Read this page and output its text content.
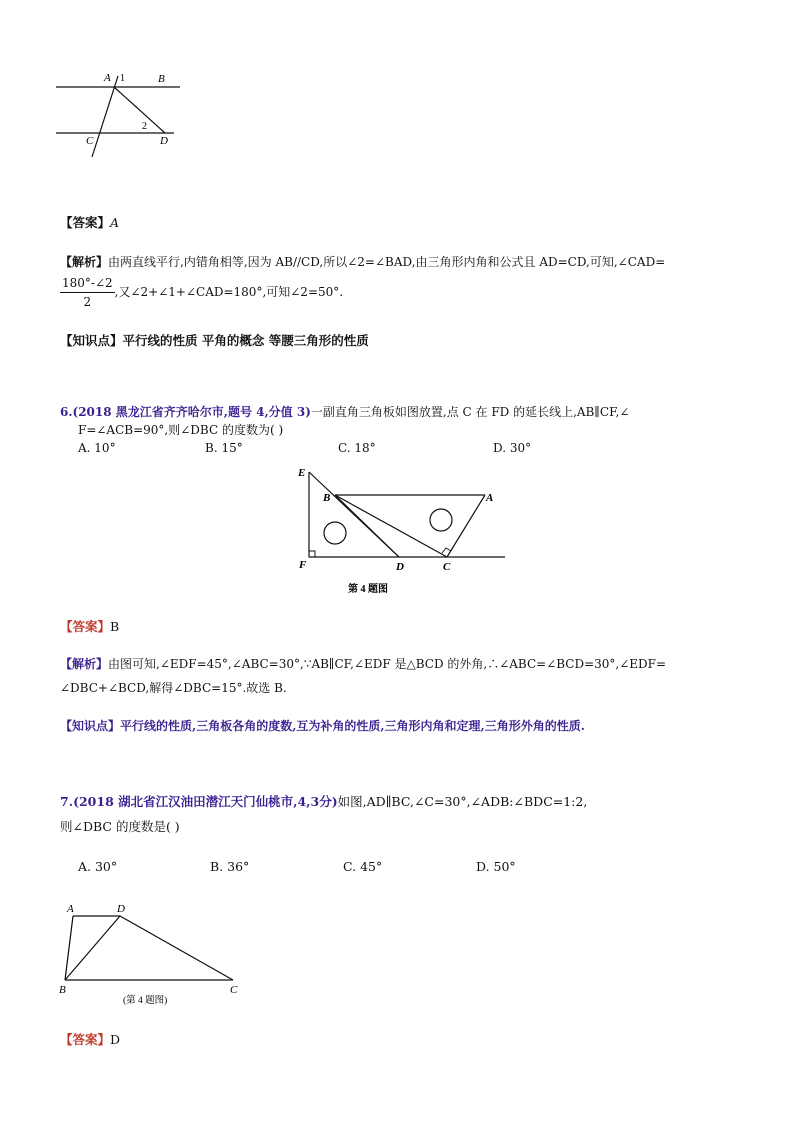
A 1	B
C
2
D
【答案】A
【解析】由两直线平行,内错角相等,因为 AB//CD,所以∠2=∠BAD,由三角形内角和公式且 AD=CD,可知,∠CAD=
$\frac{180^\circ-\angle 2}{2}$ ,又∠2+∠1+∠CAD=180°,可知∠2=50°.
【知识点】平行线的性质 平角的概念 等腰三角形的性质
6.(2018 黑龙江省齐齐哈尔市,题号 4,分值 3)一副直角三角板如图放置,点 C 在 FD 的延长线上,AB∥CF,∠
F=∠ACB=90°,则∠DBC 的度数为( )
A. 10°	B. 15°	C. 18°	D. 30°
E
B	A
F	D	C
第 4 题图
【答案】B
【解析】由图可知,∠EDF=45°,∠ABC=30°,∵AB∥CF,∠EDF 是△BCD 的外角,∴∠ABC=∠BCD=30°,∠EDF=
∠DBC+∠BCD,解得∠DBC=15°.故选 B.
【知识点】平行线的性质,三角板各角的度数,互为补角的性质,三角形内角和定理,三角形外角的性质.
7.(2018 湖北省江汉油田潜江天门仙桃市,4,3分)如图,AD∥BC,∠C=30°,∠ADB:∠BDC=1:2,
则∠DBC 的度数是( )
A. 30°	B. 36°	C. 45°	D. 50°
A	D
B	C
(第 4 题图)
【答案】D
